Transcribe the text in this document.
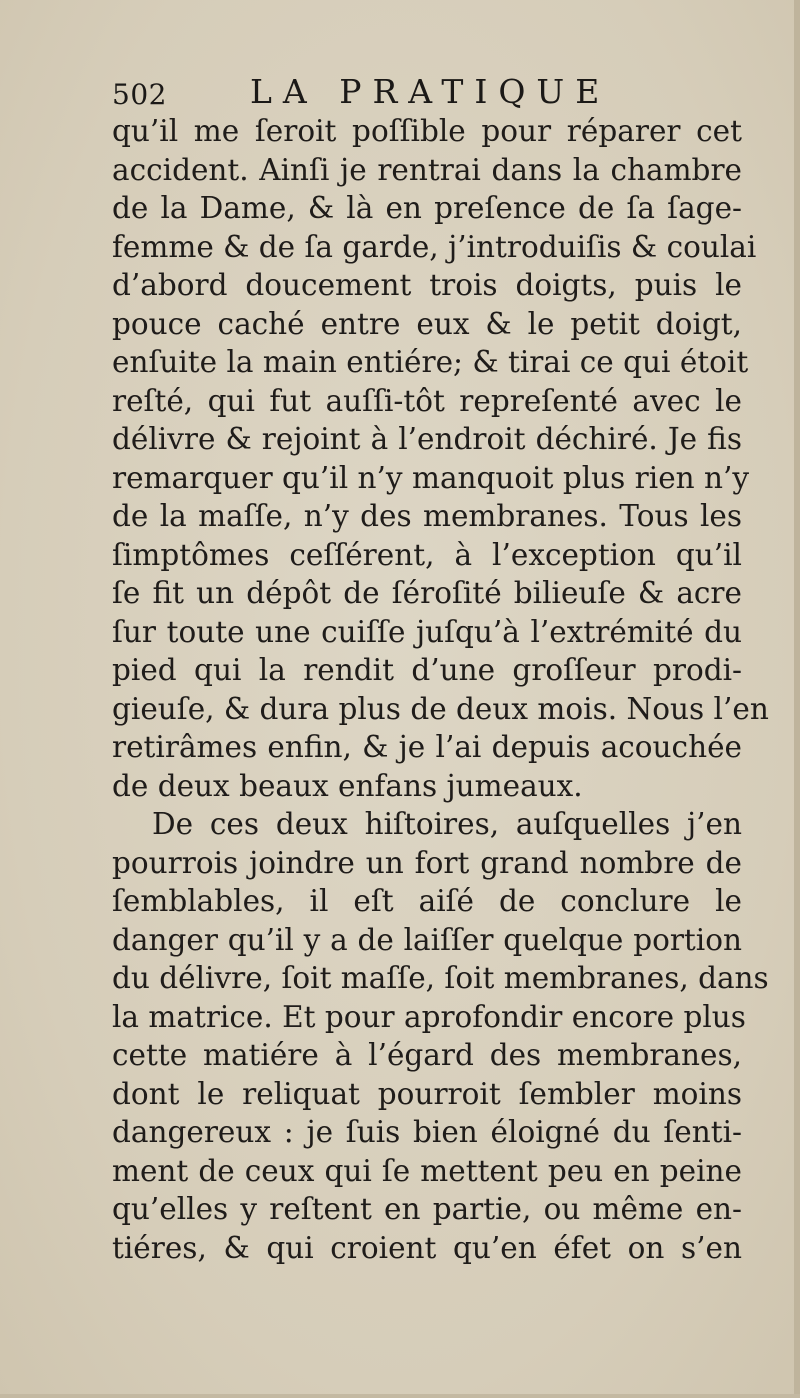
502	LA PRATIQUE
qu’il me ſeroit poſſible pour réparer cet
accident. Ainſi je rentrai dans la chambre
de la Dame, & là en preſence de ſa ſage-
femme & de ſa garde, j’introduiſis & coulai
d’abord doucement trois doigts, puis le
pouce caché entre eux & le petit doigt,
enſuite la main entiére; & tirai ce qui étoit
reſté, qui fut auſſi-tôt repreſenté avec le
délivre & rejoint à l’endroit déchiré. Je fis
remarquer qu’il n’y manquoit plus rien n’y
de la maſſe, n’y des membranes. Tous les
ſimptômes ceſſérent, à l’exception qu’il
ſe fit un dépôt de ſéroſité bilieuſe & acre
ſur toute une cuiſſe juſqu’à l’extrémité du
pied qui la rendit d’une groſſeur prodi-
gieuſe, & dura plus de deux mois. Nous l’en
retirâmes enfin, & je l’ai depuis acouchée
de deux beaux enfans jumeaux.
De ces deux hiſtoires, auſquelles j’en
pourrois joindre un fort grand nombre de
ſemblables, il eſt aiſé de conclure le
danger qu’il y a de laiſſer quelque portion
du délivre, ſoit maſſe, ſoit membranes, dans
la matrice. Et pour aprofondir encore plus
cette matiére à l’égard des membranes,
dont le reliquat pourroit ſembler moins
dangereux : je ſuis bien éloigné du ſenti-
ment de ceux qui ſe mettent peu en peine
qu’elles y reſtent en partie, ou même en-
tiéres, & qui croient qu’en éfet on s’en
